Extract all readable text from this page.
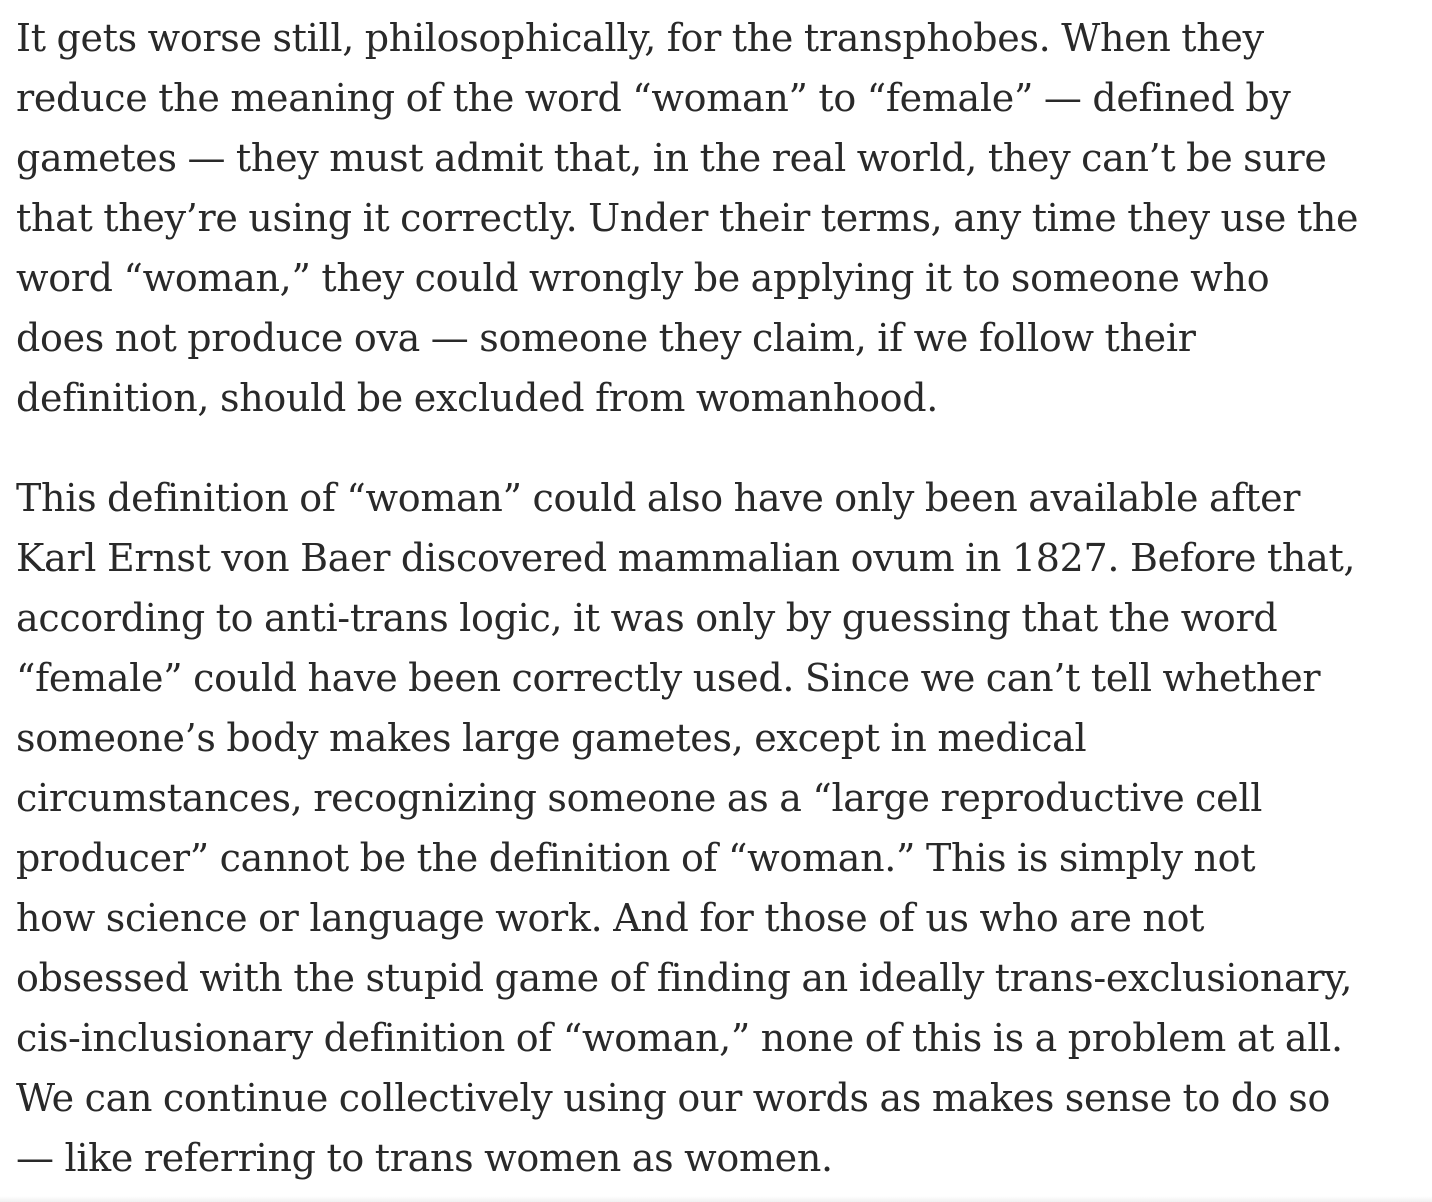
It gets worse still, philosophically, for the transphobes. When they
reduce the meaning of the word “woman” to “female” — defined by
gametes — they must admit that, in the real world, they can’t be sure
that they’re using it correctly. Under their terms, any time they use the
word “woman,” they could wrongly be applying it to someone who
does not produce ova — someone they claim, if we follow their
definition, should be excluded from womanhood.

This definition of “woman” could also have only been available after
Karl Ernst von Baer discovered mammalian ovum in 1827. Before that,
according to anti-trans logic, it was only by guessing that the word
“female” could have been correctly used. Since we can’t tell whether
someone’s body makes large gametes, except in medical
circumstances, recognizing someone as a “large reproductive cell
producer” cannot be the definition of “woman.” This is simply not
how science or language work. And for those of us who are not
obsessed with the stupid game of finding an ideally trans-exclusionary,
cis-inclusionary definition of “woman,” none of this is a problem at all.
We can continue collectively using our words as makes sense to do so
— like referring to trans women as women.
